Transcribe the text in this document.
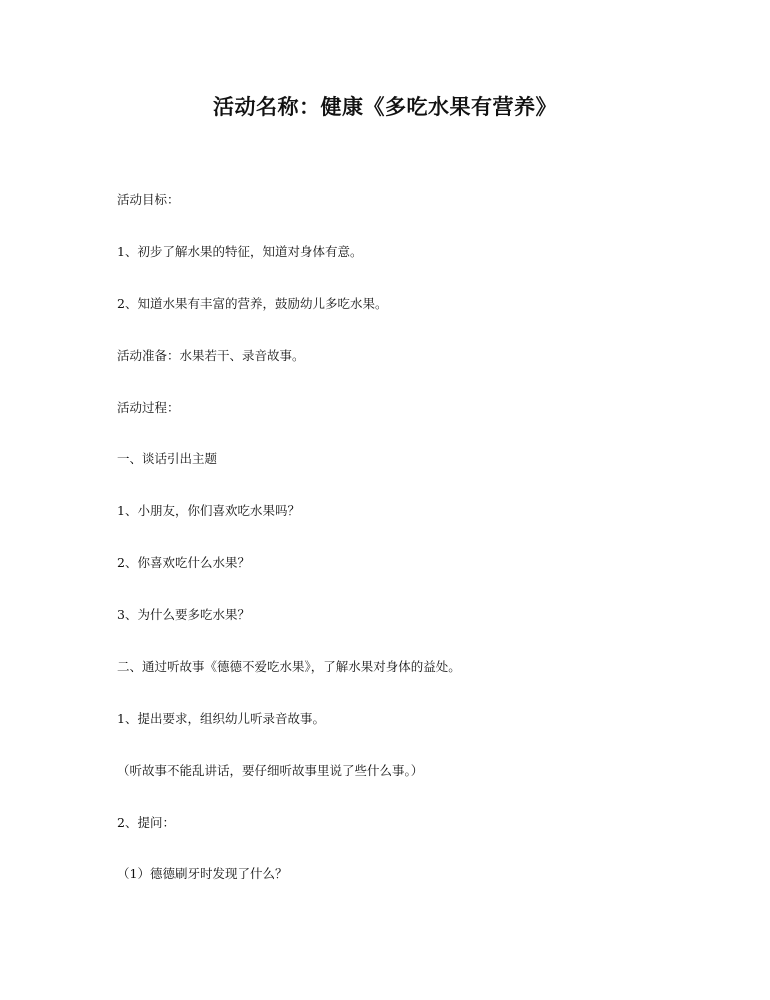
活动名称：健康《多吃水果有营养》
活动目标：
1、初步了解水果的特征，知道对身体有意。
2、知道水果有丰富的营养，鼓励幼儿多吃水果。
活动准备：水果若干、录音故事。
活动过程：
一、谈话引出主题
1、小朋友，你们喜欢吃水果吗？
2、你喜欢吃什么水果？
3、为什么要多吃水果？
二、通过听故事《德德不爱吃水果》，了解水果对身体的益处。
1、提出要求，组织幼儿听录音故事。
（听故事不能乱讲话，要仔细听故事里说了些什么事。）
2、提问：
（1）德德刷牙时发现了什么？
